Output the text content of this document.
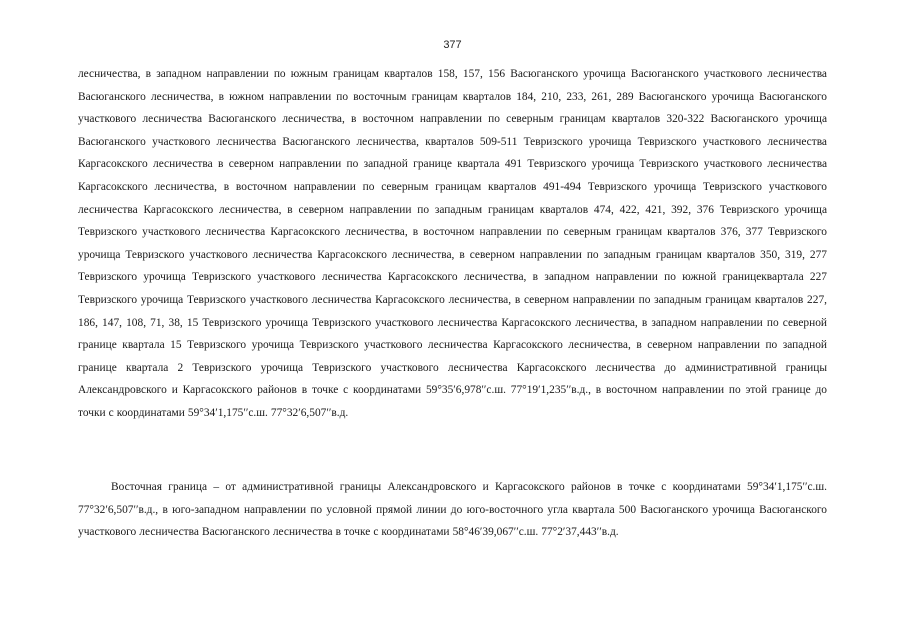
377

лесничества, в западном направлении по южным границам кварталов 158, 157, 156 Васюганского урочища Васюганского участкового лесничества Васюганского лесничества, в южном направлении по восточным границам кварталов 184, 210, 233, 261, 289 Васюганского урочища Васюганского участкового лесничества Васюганского лесничества, в восточном направлении по северным границам кварталов 320-322 Васюганского урочища Васюганского участкового лесничества Васюганского лесничества, кварталов 509-511 Тевризского урочища Тевризского участкового лесничества Каргасокского лесничества в северном направлении по западной границе квартала 491 Тевризского урочища Тевризского участкового лесничества Каргасокского лесничества, в восточном направлении по северным границам кварталов 491-494 Тевризского урочища Тевризского участкового лесничества Каргасокского лесничества, в северном направлении по западным границам кварталов 474, 422, 421, 392, 376 Тевризского урочища Тевризского участкового лесничества Каргасокского лесничества, в восточном направлении по северным границам кварталов 376, 377 Тевризского урочища Тевризского участкового лесничества Каргасокского лесничества, в северном направлении по западным границам кварталов 350, 319, 277 Тевризского урочища Тевризского участкового лесничества Каргасокского лесничества, в западном направлении по южной границеквартала 227 Тевризского урочища Тевризского участкового лесничества Каргасокского лесничества, в северном направлении по западным границам кварталов 227, 186, 147, 108, 71, 38, 15 Тевризского урочища Тевризского участкового лесничества Каргасокского лесничества, в западном направлении по северной границе квартала 15 Тевризского урочища Тевризского участкового лесничества Каргасокского лесничества, в северном направлении по западной границе квартала 2 Тевризского урочища Тевризского участкового лесничества Каргасокского лесничества до административной границы Александровского и Каргасокского районов в точке с координатами 59°35′6,978′′с.ш. 77°19′1,235′′в.д., в восточном направлении по этой границе до точки с координатами 59°34′1,175′′с.ш. 77°32′6,507′′в.д.

Восточная граница – от административной границы Александровского и Каргасокского районов в точке с координатами 59°34′1,175′′с.ш. 77°32′6,507′′в.д., в юго-западном направлении по условной прямой линии до юго-восточного угла квартала 500 Васюганского урочища Васюганского участкового лесничества Васюганского лесничества в точке с координатами 58°46′39,067′′с.ш. 77°2′37,443′′в.д.
